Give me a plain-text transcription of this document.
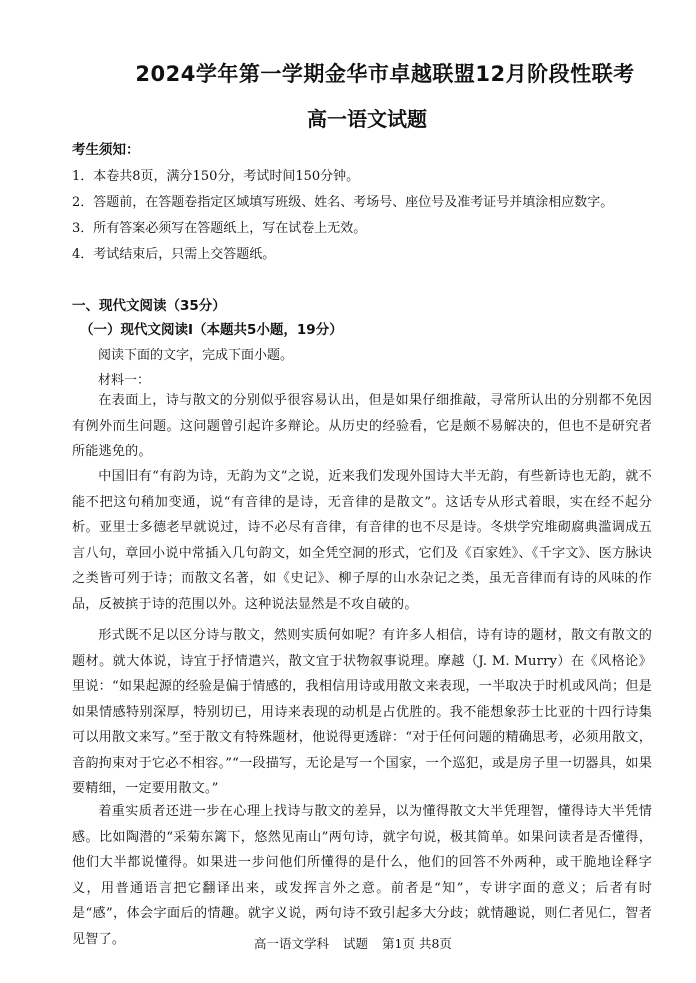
2024学年第一学期金华市卓越联盟12月阶段性联考
高一语文试题
考生须知：
1．本卷共8页，满分150分，考试时间150分钟。
2．答题前，在答题卷指定区域填写班级、姓名、考场号、座位号及准考证号并填涂相应数字。
3．所有答案必须写在答题纸上，写在试卷上无效。
4．考试结束后，只需上交答题纸。
一、现代文阅读（35分）
（一）现代文阅读Ⅰ（本题共5小题，19分）
阅读下面的文字，完成下面小题。
材料一：
在表面上，诗与散文的分别似乎很容易认出，但是如果仔细推敲，寻常所认出的分别都不免因有例外而生问题。这问题曾引起许多辩论。从历史的经验看，它是颇不易解决的，但也不是研究者所能逃免的。
中国旧有“有韵为诗，无韵为文”之说，近来我们发现外国诗大半无韵，有些新诗也无韵，就不能不把这句稍加变通，说“有音律的是诗，无音律的是散文”。这话专从形式着眼，实在经不起分析。亚里士多德老早就说过，诗不必尽有音律，有音律的也不尽是诗。冬烘学究堆砌腐典滥调成五言八句，章回小说中常插入几句韵文，如全凭空洞的形式，它们及《百家姓》、《千字文》、医方脉诀之类皆可列于诗；而散文名著，如《史记》、柳子厚的山水杂记之类，虽无音律而有诗的风味的作品，反被摈于诗的范围以外。这种说法显然是不攻自破的。
形式既不足以区分诗与散文，然则实质何如呢？有许多人相信，诗有诗的题材，散文有散文的题材。就大体说，诗宜于抒情遣兴，散文宜于状物叙事说理。摩越（J. M. Murry）在《风格论》里说：“如果起源的经验是偏于情感的，我相信用诗或用散文来表现，一半取决于时机或风尚；但是如果情感特别深厚，特别切已，用诗来表现的动机是占优胜的。我不能想象莎士比亚的十四行诗集可以用散文来写。”至于散文有特殊题材，他说得更透辟：“对于任何问题的精确思考，必须用散文，音韵拘束对于它必不相容。”“一段描写，无论是写一个国家，一个巡犯，或是房子里一切器具，如果要精细，一定要用散文。”
着重实质者还进一步在心理上找诗与散文的差异，以为懂得散文大半凭理智，懂得诗大半凭情感。比如陶潜的“采菊东篱下，悠然见南山”两句诗，就字句说，极其简单。如果问读者是否懂得，他们大半都说懂得。如果进一步问他们所懂得的是什么，他们的回答不外两种，或干脆地诠释字义，用普通语言把它翻译出来，或发挥言外之意。前者是“知”，专讲字面的意义；后者有时是“感”，体会字面后的情趣。就字义说，两句诗不致引起多大分歧；就情趣说，则仁者见仁，智者见智了。	高一语文学科 试题 第1页 共8页
